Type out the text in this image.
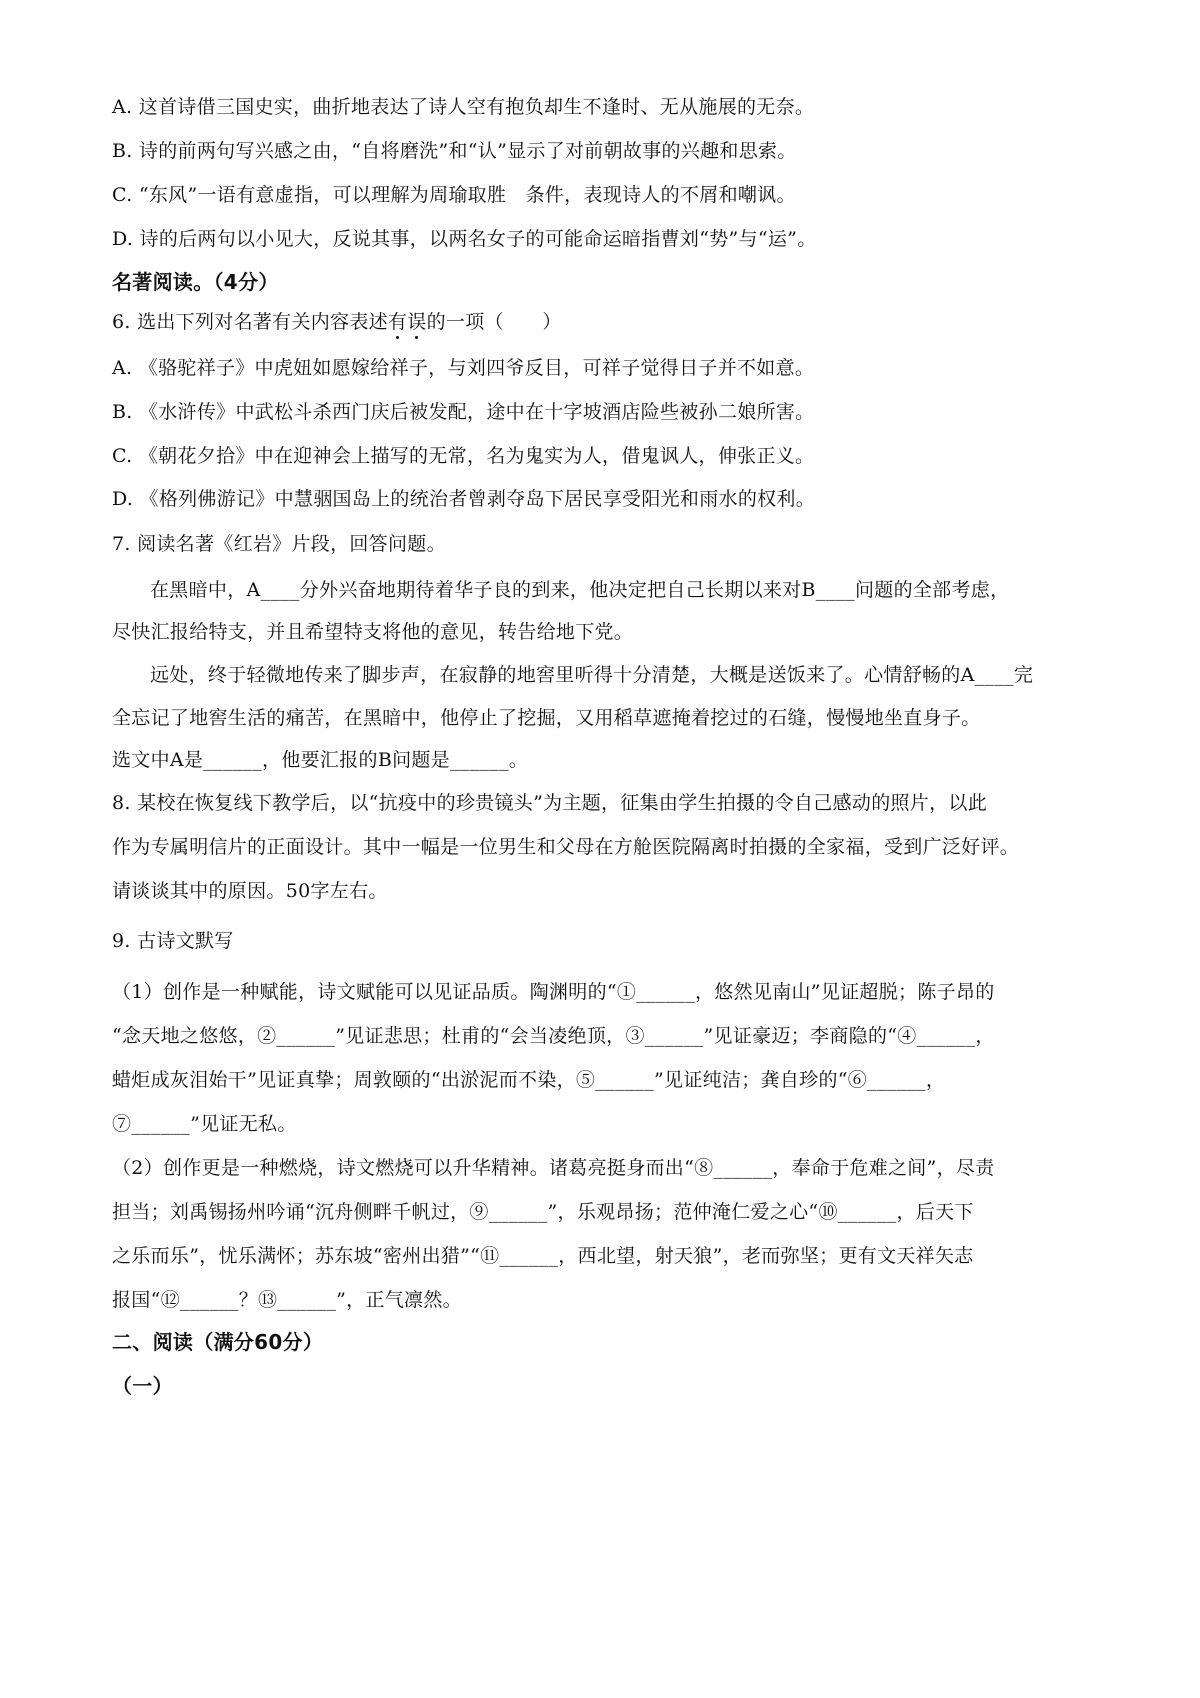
A. 这首诗借三国史实，曲折地表达了诗人空有抱负却生不逢时、无从施展的无奈。
B. 诗的前两句写兴感之由，“自将磨洗”和“认”显示了对前朝故事的兴趣和思索。
C. “东风”一语有意虚指，可以理解为周瑜取胜　条件，表现诗人的不屑和嘲讽。
D. 诗的后两句以小见大，反说其事，以两名女子的可能命运暗指曹刘“势”与“运”。
名著阅读。（4分）
6. 选出下列对名著有关内容表述有误的一项（　　）
A. 《骆驼祥子》中虎妞如愿嫁给祥子，与刘四爷反目，可祥子觉得日子并不如意。
B. 《水浒传》中武松斗杀西门庆后被发配，途中在十字坡酒店险些被孙二娘所害。
C. 《朝花夕拾》中在迎神会上描写的无常，名为鬼实为人，借鬼讽人，伸张正义。
D. 《格列佛游记》中慧骃国岛上的统治者曾剥夺岛下居民享受阳光和雨水的权利。
7. 阅读名著《红岩》片段，回答问题。
在黑暗中，A____分外兴奋地期待着华子良的到来，他决定把自己长期以来对B____问题的全部考虑，
尽快汇报给特支，并且希望特支将他的意见，转告给地下党。
远处，终于轻微地传来了脚步声，在寂静的地窖里听得十分清楚，大概是送饭来了。心情舒畅的A____完
全忘记了地窖生活的痛苦，在黑暗中，他停止了挖掘，又用稻草遮掩着挖过的石缝，慢慢地坐直身子。
选文中A是______，他要汇报的B问题是______。
8. 某校在恢复线下教学后，以“抗疫中的珍贵镜头”为主题，征集由学生拍摄的令自己感动的照片，以此
作为专属明信片的正面设计。其中一幅是一位男生和父母在方舱医院隔离时拍摄的全家福，受到广泛好评。
请谈谈其中的原因。50字左右。
9. 古诗文默写
（1）创作是一种赋能，诗文赋能可以见证品质。陶渊明的“①______，悠然见南山”见证超脱；陈子昂的
“念天地之悠悠，②______”见证悲思；杜甫的“会当凌绝顶，③______”见证豪迈；李商隐的“④______，
蜡炬成灰泪始干”见证真挚；周敦颐的“出淤泥而不染，⑤______”见证纯洁；龚自珍的“⑥______，
⑦______”见证无私。
（2）创作更是一种燃烧，诗文燃烧可以升华精神。诸葛亮挺身而出“⑧______，奉命于危难之间”，尽责
担当；刘禹锡扬州吟诵“沉舟侧畔千帆过，⑨______”，乐观昂扬；范仲淹仁爱之心“⑩______，后天下
之乐而乐”，忧乐满怀；苏东坡“密州出猎”“⑪______，西北望，射天狼”，老而弥坚；更有文天祥矢志
报国“⑫______？⑬______”，正气凛然。
二、阅读（满分60分）
（一）
